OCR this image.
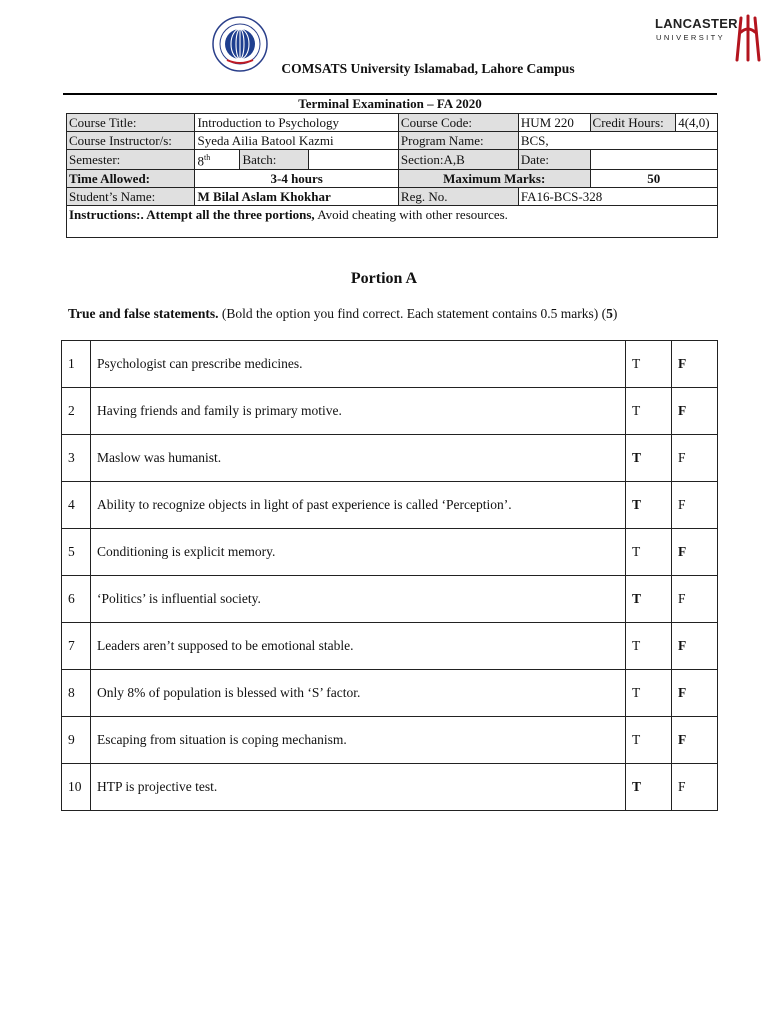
LANCASTER
UNIVERSITY
COMSATS University Islamabad, Lahore Campus
Terminal Examination – FA 2020
Course Title:	Introduction to Psychology			Course Code:	HUM 220	Credit Hours:	4(4,0)
Course Instructor/s:	Syeda Ailia Batool Kazmi			Program Name:	BCS,		
Semester:	8th	Batch:		Section:A,B	Date:		
Time Allowed:	3-4 hours			Maximum Marks:		50	
Student’s Name:	M Bilal Aslam Khokhar			Reg. No.	FA16-BCS-328		
Instructions:. Attempt all the three portions, Avoid cheating with other resources.							
Portion A
True and false statements. (Bold the option you find correct. Each statement contains 0.5 marks) (5)
1	Psychologist can prescribe medicines.	T	F
2	Having friends and family is primary motive.	T	F
3	Maslow was humanist.	T	F
4	Ability to recognize objects in light of past experience is called ‘Perception’.	T	F
5	Conditioning is explicit memory.	T	F
6	‘Politics’ is influential society.	T	F
7	Leaders aren’t supposed to be emotional stable.	T	F
8	Only 8% of population is blessed with ‘S’ factor.	T	F
9	Escaping from situation is coping mechanism.	T	F
10	HTP is projective test.	T	F
